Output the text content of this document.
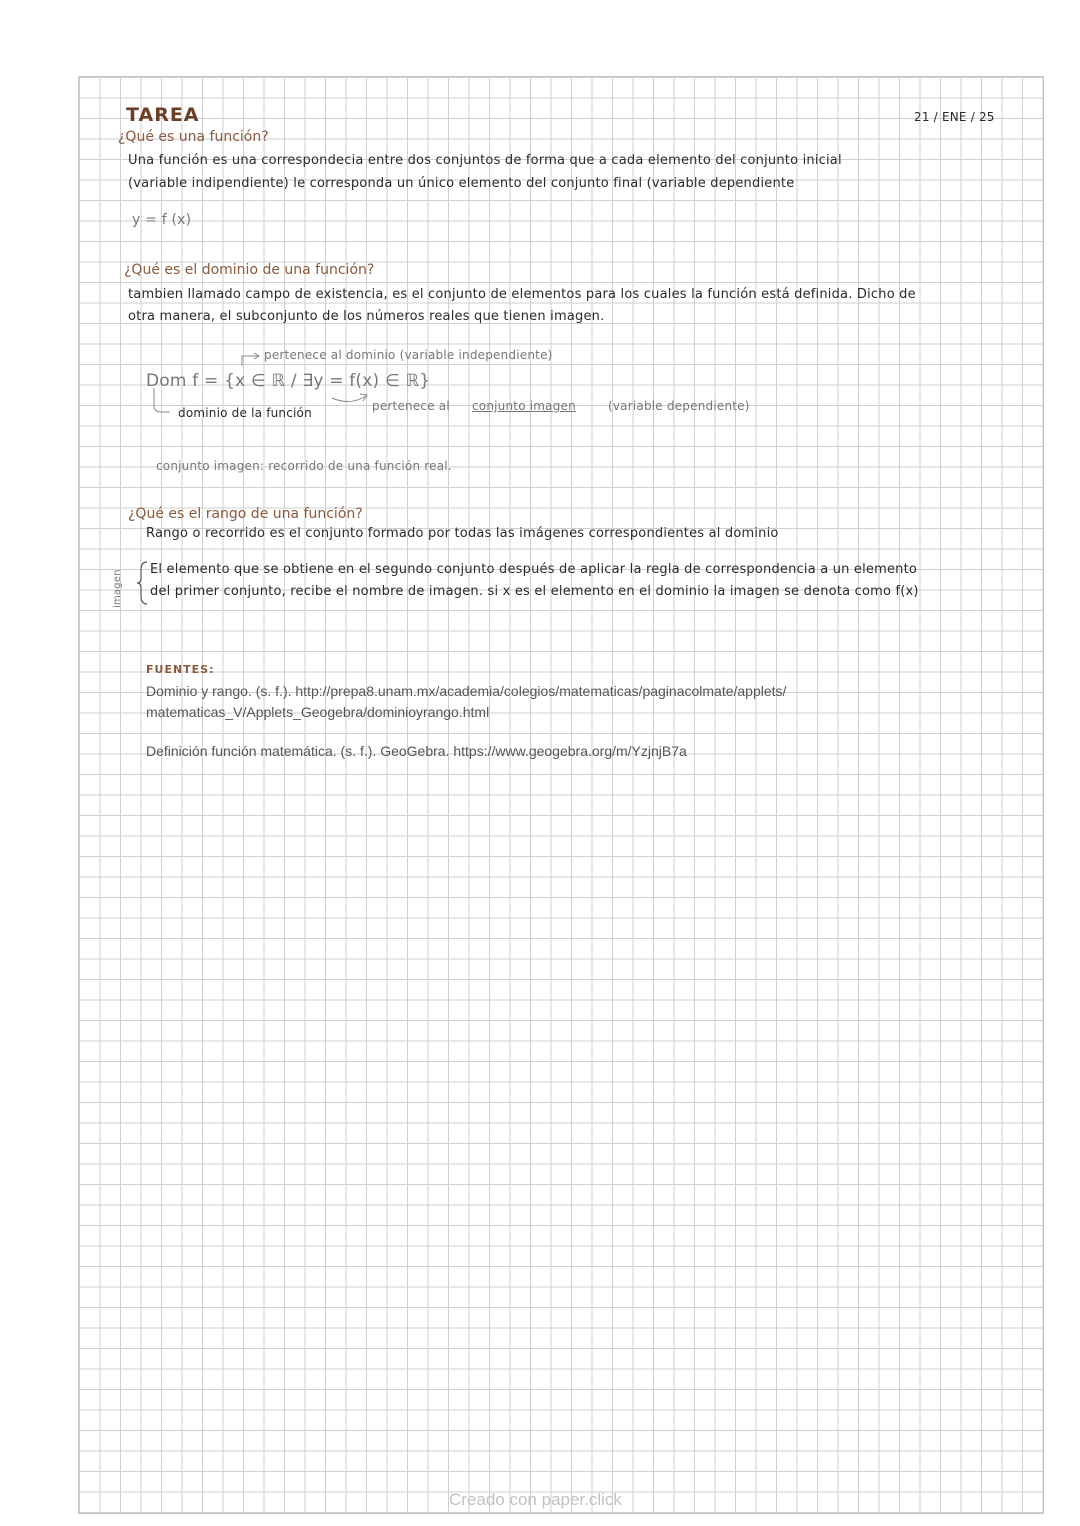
TAREA	21 / ENE / 25
¿Qué es una función?
Una función es una correspondecia entre dos conjuntos de forma que a cada elemento del conjunto inicial
(variable indipendiente) le corresponda un único elemento del conjunto final (variable dependiente
y = f (x)
¿Qué es el dominio de una función?
tambien llamado campo de existencia, es el conjunto de elementos para los cuales la función está definida. Dicho de
otra manera, el subconjunto de los números reales que tienen imagen.
pertenece al dominio (variable independiente)
Dom f = {x ∈ ℝ / ∃y = f(x) ∈ ℝ}
dominio de la función	pertenece al conjunto imagen	(variable dependiente)
conjunto imagen: recorrido de una función real.
¿Qué es el rango de una función?
Rango o recorrido es el conjunto formado por todas las imágenes correspondientes al dominio
imagen El elemento que se obtiene en el segundo conjunto después de aplicar la regla de correspondencia a un elemento
del primer conjunto, recibe el nombre de imagen. si x es el elemento en el dominio la imagen se denota como f(x)
FUENTES:
Dominio y rango. (s. f.). http://prepa8.unam.mx/academia/colegios/matematicas/paginacolmate/applets/
matematicas_V/Applets_Geogebra/dominioyrango.html
Definición función matemática. (s. f.). GeoGebra. https://www.geogebra.org/m/YzjnjB7a
Creado con paper.click
